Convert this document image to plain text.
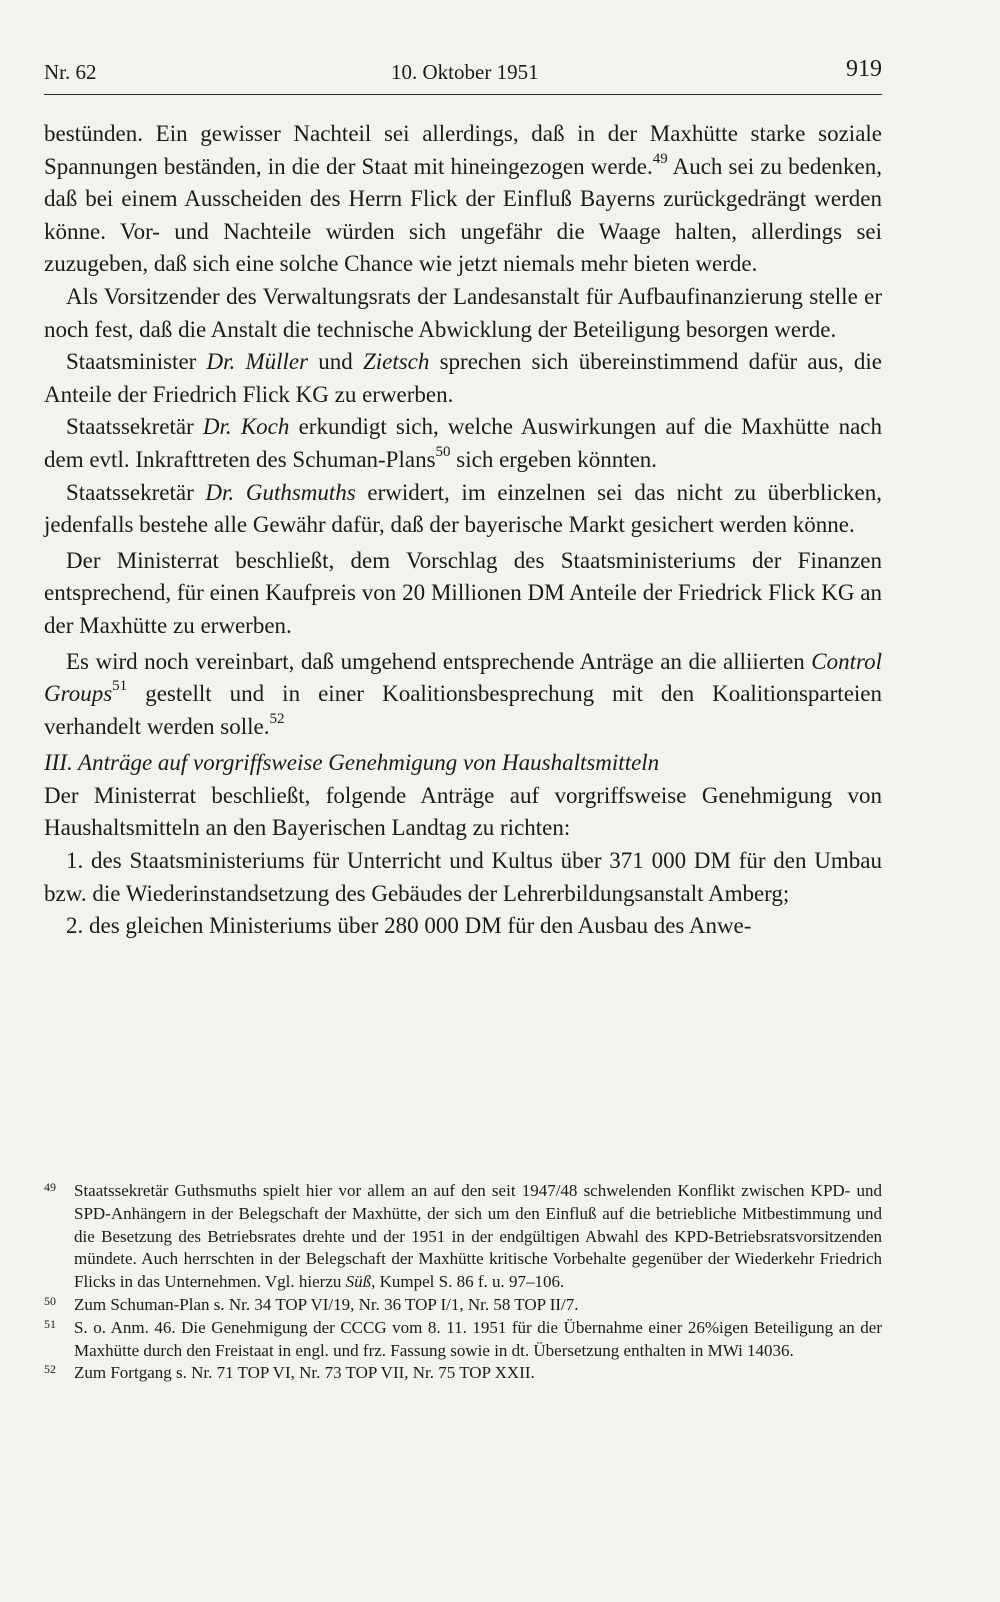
Nr. 62	10. Oktober 1951	919

bestünden. Ein gewisser Nachteil sei allerdings, daß in der Maxhütte starke soziale Spannungen beständen, in die der Staat mit hineingezogen werde.$^{49}$ Auch sei zu bedenken, daß bei einem Ausscheiden des Herrn Flick der Einfluß Bayerns zurückgedrängt werden könne. Vor- und Nachteile würden sich ungefähr die Waage halten, allerdings sei zuzugeben, daß sich eine solche Chance wie jetzt niemals mehr bieten werde.

Als Vorsitzender des Verwaltungsrats der Landesanstalt für Aufbaufinanzierung stelle er noch fest, daß die Anstalt die technische Abwicklung der Beteiligung besorgen werde.

Staatsminister Dr. Müller und Zietsch sprechen sich übereinstimmend dafür aus, die Anteile der Friedrich Flick KG zu erwerben.

Staatssekretär Dr. Koch erkundigt sich, welche Auswirkungen auf die Maxhütte nach dem evtl. Inkrafttreten des Schuman-Plans$^{50}$ sich ergeben könnten.

Staatssekretär Dr. Guthsmuths erwidert, im einzelnen sei das nicht zu überblicken, jedenfalls bestehe alle Gewähr dafür, daß der bayerische Markt gesichert werden könne.

Der Ministerrat beschließt, dem Vorschlag des Staatsministeriums der Finanzen entsprechend, für einen Kaufpreis von 20 Millionen DM Anteile der Friedrick Flick KG an der Maxhütte zu erwerben.

Es wird noch vereinbart, daß umgehend entsprechende Anträge an die alliierten Control Groups$^{51}$ gestellt und in einer Koalitionsbesprechung mit den Koalitionsparteien verhandelt werden solle.$^{52}$

III. Anträge auf vorgriffsweise Genehmigung von Haushaltsmitteln

Der Ministerrat beschließt, folgende Anträge auf vorgriffsweise Genehmigung von Haushaltsmitteln an den Bayerischen Landtag zu richten:

1. des Staatsministeriums für Unterricht und Kultus über 371 000 DM für den Umbau bzw. die Wiederinstandsetzung des Gebäudes der Lehrerbildungsanstalt Amberg;

2. des gleichen Ministeriums über 280 000 DM für den Ausbau des Anwe-

49 Staatssekretär Guthsmuths spielt hier vor allem an auf den seit 1947/48 schwelenden Konflikt zwischen KPD- und SPD-Anhängern in der Belegschaft der Maxhütte, der sich um den Einfluß auf die betriebliche Mitbestimmung und die Besetzung des Betriebsrates drehte und der 1951 in der endgültigen Abwahl des KPD-Betriebsratsvorsitzenden mündete. Auch herrschten in der Belegschaft der Maxhütte kritische Vorbehalte gegenüber der Wiederkehr Friedrich Flicks in das Unternehmen. Vgl. hierzu Süß, Kumpel S. 86 f. u. 97–106.

50 Zum Schuman-Plan s. Nr. 34 TOP VI/19, Nr. 36 TOP I/1, Nr. 58 TOP II/7.

51 S. o. Anm. 46. Die Genehmigung der CCCG vom 8. 11. 1951 für die Übernahme einer 26%igen Beteiligung an der Maxhütte durch den Freistaat in engl. und frz. Fassung sowie in dt. Übersetzung enthalten in MWi 14036.

52 Zum Fortgang s. Nr. 71 TOP VI, Nr. 73 TOP VII, Nr. 75 TOP XXII.
